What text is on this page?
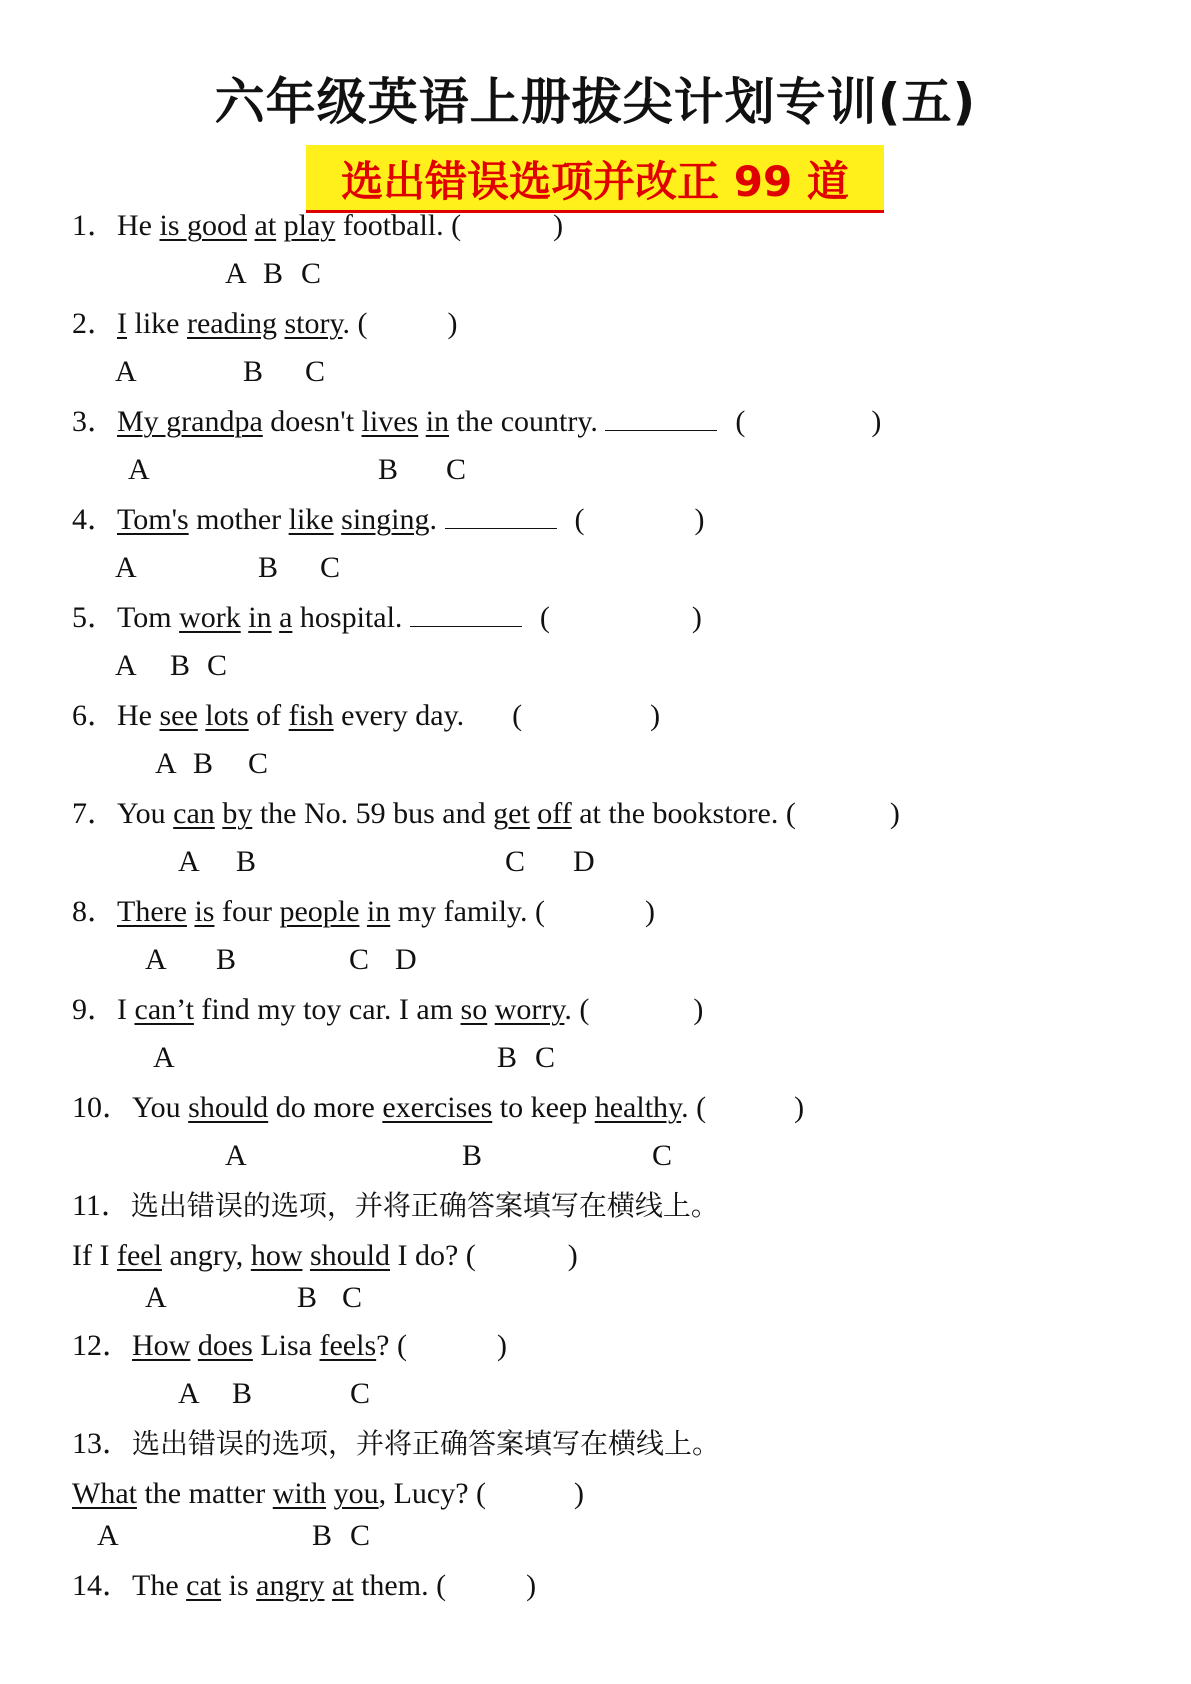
六年级英语上册拔尖计划专训(五)
选出错误选项并改正 99 道
1．He is good at play football. (	)
A B C
2．I like reading story. (	)
A	B C
3．My grandpa doesn't lives in the country.	(	)
A	B C
4．Tom's mother like singing.	(	)
A	B C
5．Tom work in a hospital.	(	)
A B C
6．He see lots of fish every day. (	)
A B C
7．You can by the No. 59 bus and get off at the bookstore. (	)
A B	C D
8．There is four people in my family. (	)
A B	C D
9．I can’t find my toy car. I am so worry. (	)
A	B C
10．You should do more exercises to keep healthy. (	)
A	B	C
11．选出错误的选项，并将正确答案填写在横线上。
If I feel angry, how should I do? (	)
A	B C
12．How does Lisa feels? (	)
A B	C
13．选出错误的选项，并将正确答案填写在横线上。
What the matter with you, Lucy? (	)
A	B C
14．The cat is angry at them. (	)
